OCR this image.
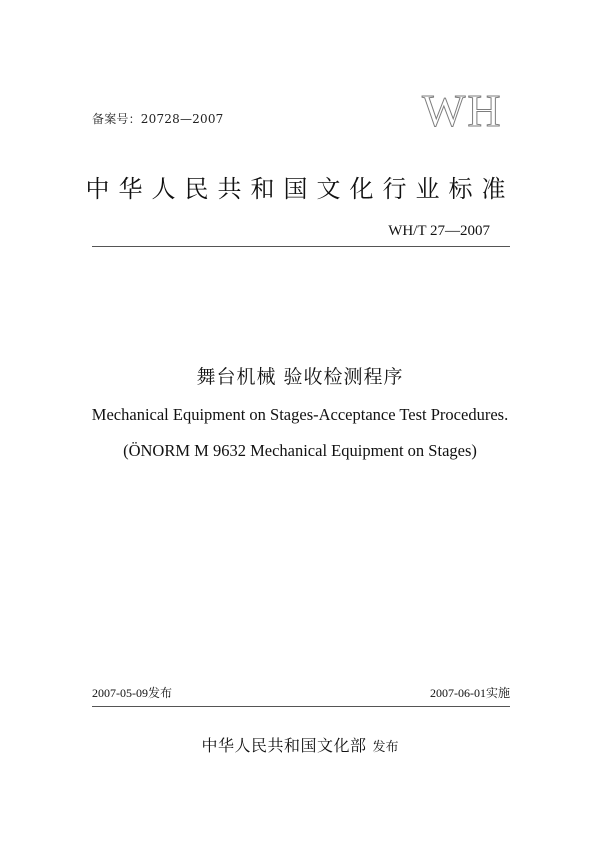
备案号：20728—2007	WH
中华人民共和国文化行业标准
WH/T 27—2007
舞台机械 验收检测程序
Mechanical Equipment on Stages-Acceptance Test Procedures.
(ÖNORM M 9632 Mechanical Equipment on Stages)
2007-05-09发布	2007-06-01实施
中华人民共和国文化部 发布
